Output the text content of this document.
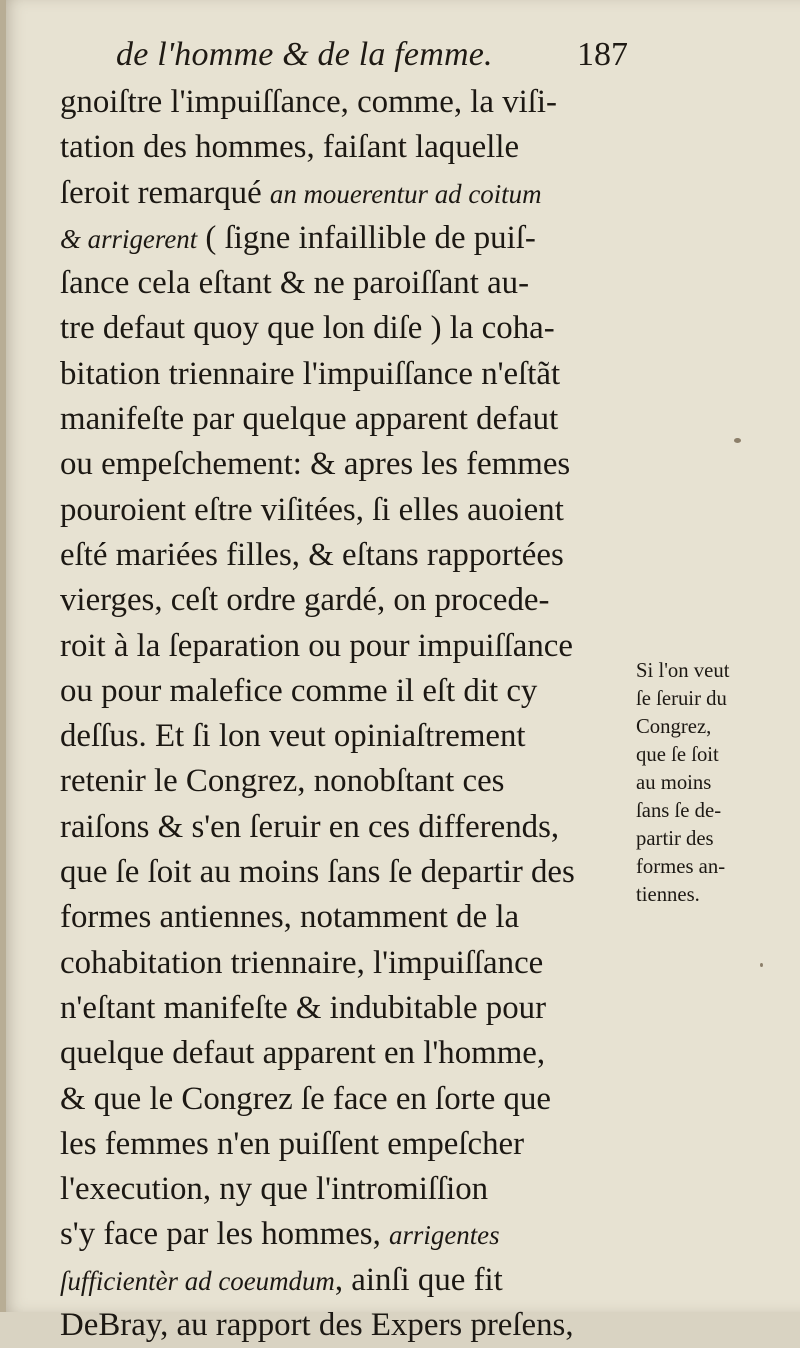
de l'homme & de la femme. 187
gnoiſtre l'impuiſſance, comme, la viſi-
tation des hommes, faiſant laquelle
ſeroit remarqué an mouerentur ad coitum
& arrigerent ( ſigne infaillible de puiſ-
ſance cela eſtant & ne paroiſſant au-
tre defaut quoy que lon diſe ) la coha-
bitation triennaire l'impuiſſance n'eſtãt
manifeſte par quelque apparent defaut
ou empeſchement: & apres les femmes
pouroient eſtre viſitées, ſi elles auoient
eſté mariées filles, & eſtans rapportées
vierges, ceſt ordre gardé, on procede-
roit à la ſeparation ou pour impuiſſance
ou pour malefice comme il eſt dit cy
deſſus. Et ſi lon veut opiniaſtrement
retenir le Congrez, nonobſtant ces
raiſons & s'en ſeruir en ces differends,
que ſe ſoit au moins ſans ſe departir des
formes antiennes, notamment de la
cohabitation triennaire, l'impuiſſance
n'eſtant manifeſte & indubitable pour
quelque defaut apparent en l'homme,
& que le Congrez ſe face en ſorte que
les femmes n'en puiſſent empeſcher
l'execution, ny que l'intromiſſion
s'y face par les hommes, arrigentes
ſufficientèr ad coeumdum, ainſi que fit
DeBray, au rapport des Expers preſens,
Si l'on veut
ſe ſeruir du
Congrez,
que ſe ſoit
au moins
ſans ſe de-
partir des
formes an-
tiennes.
